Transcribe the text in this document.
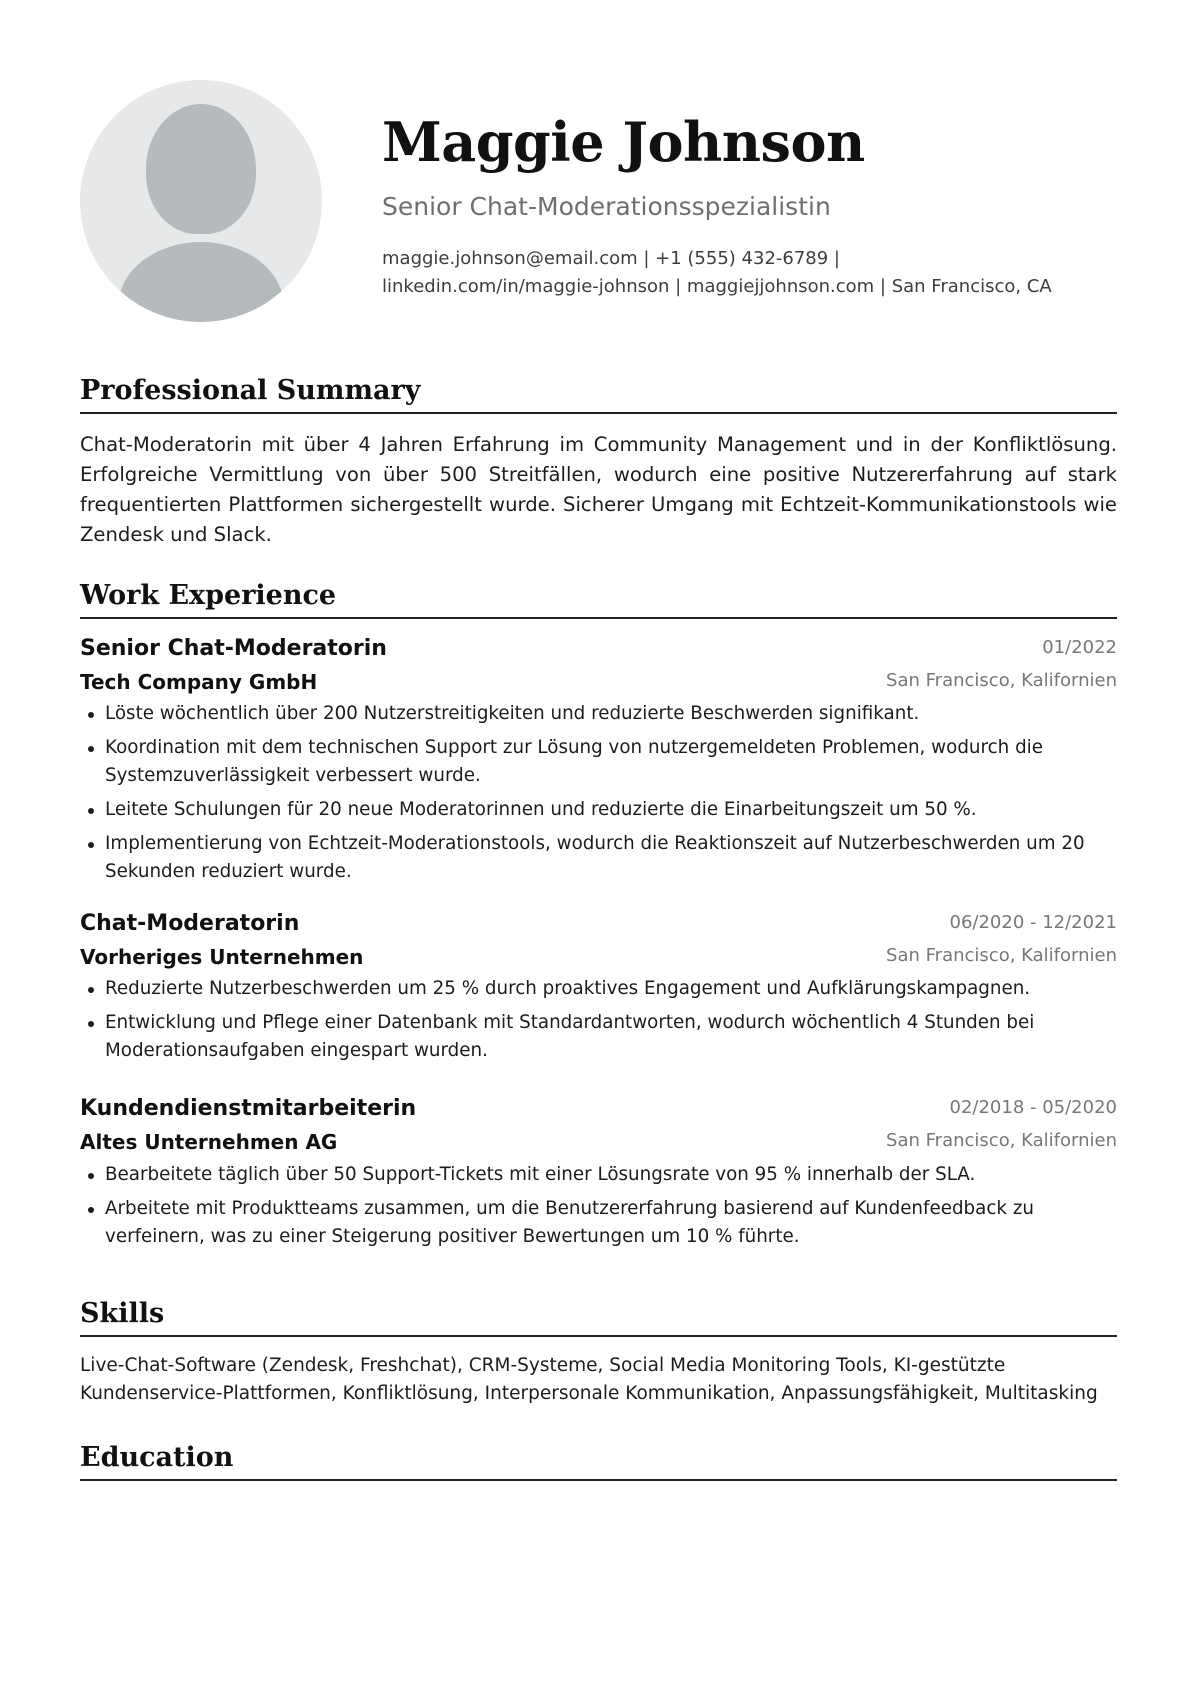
Maggie Johnson
Senior Chat-Moderationsspezialistin
maggie.johnson@email.com | +1 (555) 432-6789 |
linkedin.com/in/maggie-johnson | maggiejjohnson.com | San Francisco, CA
Professional Summary

Chat-Moderatorin mit über 4 Jahren Erfahrung im Community Management und in der Konfliktlösung. Erfolgreiche Vermittlung von über 500 Streitfällen, wodurch eine positive Nutzererfahrung auf stark frequentierten Plattformen sichergestellt wurde. Sicherer Umgang mit Echtzeit-Kommunikationstools wie Zendesk und Slack.

Work Experience
Senior Chat-Moderatorin	01/2022
Tech Company GmbH	San Francisco, Kalifornien
Löste wöchentlich über 200 Nutzerstreitigkeiten und reduzierte Beschwerden signifikant.
Koordination mit dem technischen Support zur Lösung von nutzergemeldeten Problemen, wodurch die Systemzuverlässigkeit verbessert wurde.
Leitete Schulungen für 20 neue Moderatorinnen und reduzierte die Einarbeitungszeit um 50 %.
Implementierung von Echtzeit-Moderationstools, wodurch die Reaktionszeit auf Nutzerbeschwerden um 20 Sekunden reduziert wurde.
Chat-Moderatorin	06/2020 - 12/2021
Vorheriges Unternehmen	San Francisco, Kalifornien
Reduzierte Nutzerbeschwerden um 25 % durch proaktives Engagement und Aufklärungskampagnen.
Entwicklung und Pflege einer Datenbank mit Standardantworten, wodurch wöchentlich 4 Stunden bei Moderationsaufgaben eingespart wurden.
Kundendienstmitarbeiterin	02/2018 - 05/2020
Altes Unternehmen AG	San Francisco, Kalifornien
Bearbeitete täglich über 50 Support-Tickets mit einer Lösungsrate von 95 % innerhalb der SLA.
Arbeitete mit Produktteams zusammen, um die Benutzererfahrung basierend auf Kundenfeedback zu verfeinern, was zu einer Steigerung positiver Bewertungen um 10 % führte.
Skills

Live-Chat-Software (Zendesk, Freshchat), CRM-Systeme, Social Media Monitoring Tools, KI-gestützte Kundenservice-Plattformen, Konfliktlösung, Interpersonale Kommunikation, Anpassungsfähigkeit, Multitasking

Education
